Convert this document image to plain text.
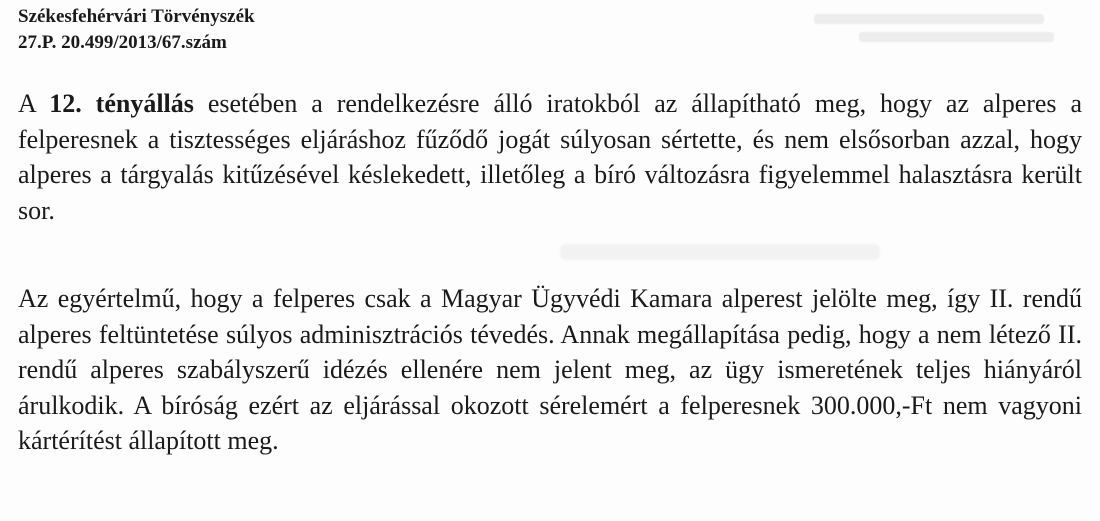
Székesfehérvári Törvényszék
27.P. 20.499/2013/67.szám

A 12. tényállás esetében a rendelkezésre álló iratokból az állapítható meg, hogy az alperes a felperesnek a tisztességes eljáráshoz fűződő jogát súlyosan sértette, és nem elsősorban azzal, hogy alperes a tárgyalás kitűzésével késlekedett, illetőleg a bíró változásra figyelemmel halasztásra került sor.

Az egyértelmű, hogy a felperes csak a Magyar Ügyvédi Kamara alperest jelölte meg, így II. rendű alperes feltüntetése súlyos adminisztrációs tévedés. Annak megállapítása pedig, hogy a nem létező II. rendű alperes szabályszerű idézés ellenére nem jelent meg, az ügy ismeretének teljes hiányáról árulkodik. A bíróság ezért az eljárással okozott sérelemért a felperesnek 300.000,-Ft nem vagyoni kártérítést állapított meg.
